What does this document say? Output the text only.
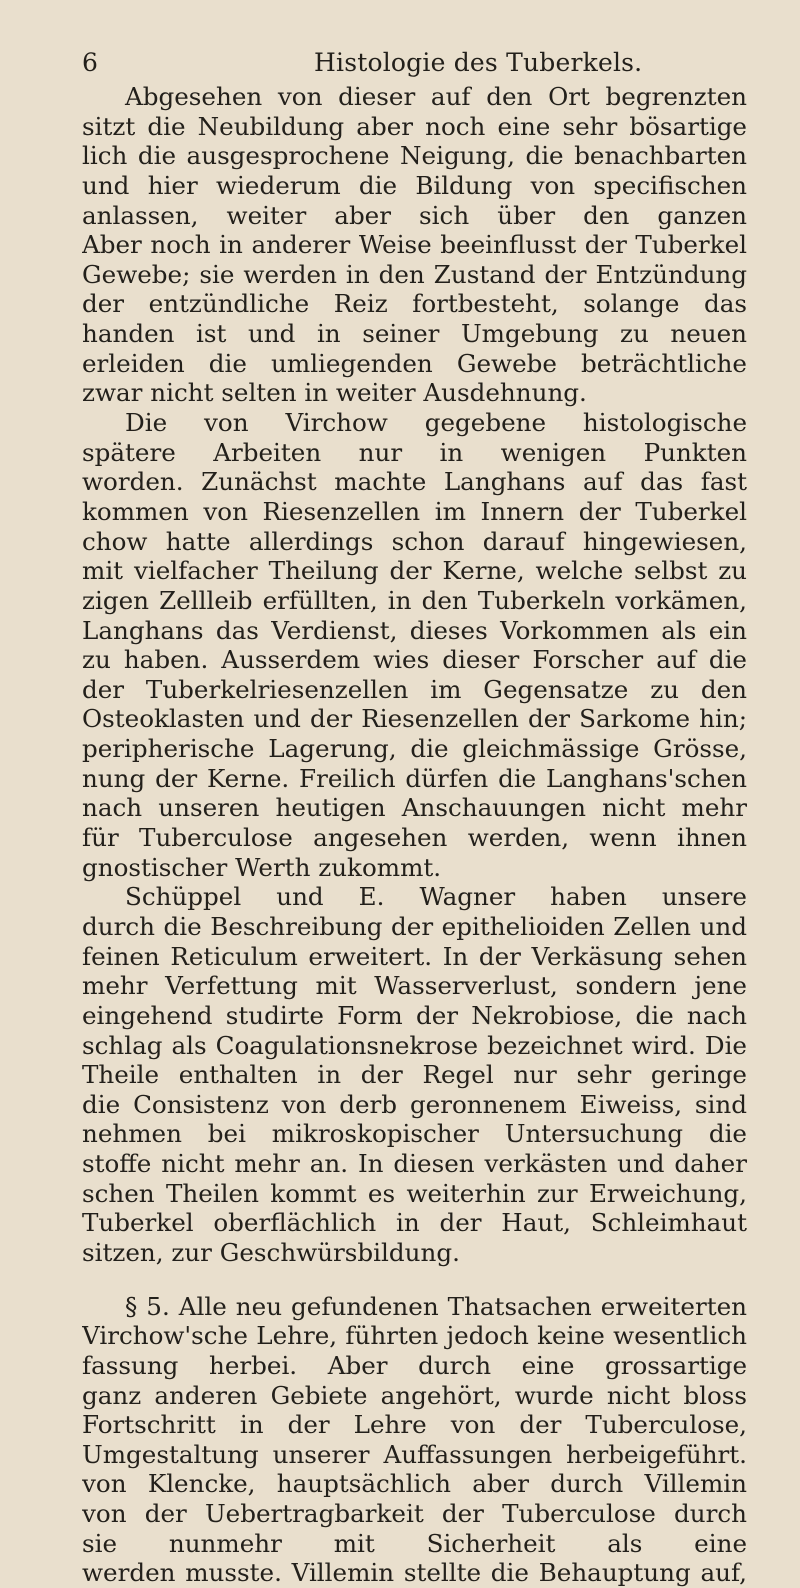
6	Histologie des Tuberkels.
Abgesehen von dieser auf den Ort begrenzten
sitzt die Neubildung aber noch eine sehr bösartige
lich die ausgesprochene Neigung, die benachbarten
und hier wiederum die Bildung von specifischen
anlassen, weiter aber sich über den ganzen
Aber noch in anderer Weise beeinflusst der Tuberkel
Gewebe; sie werden in den Zustand der Entzündung
der entzündliche Reiz fortbesteht, solange das
handen ist und in seiner Umgebung zu neuen
erleiden die umliegenden Gewebe beträchtliche
zwar nicht selten in weiter Ausdehnung.
Die von Virchow gegebene histologische
spätere Arbeiten nur in wenigen Punkten
worden. Zunächst machte Langhans auf das fast
kommen von Riesenzellen im Innern der Tuberkel
chow hatte allerdings schon darauf hingewiesen,
mit vielfacher Theilung der Kerne, welche selbst zu
zigen Zellleib erfüllten, in den Tuberkeln vorkämen,
Langhans das Verdienst, dieses Vorkommen als ein
zu haben. Ausserdem wies dieser Forscher auf die
der Tuberkelriesenzellen im Gegensatze zu den
Osteoklasten und der Riesenzellen der Sarkome hin;
peripherische Lagerung, die gleichmässige Grösse,
nung der Kerne. Freilich dürfen die Langhans'schen
nach unseren heutigen Anschauungen nicht mehr
für Tuberculose angesehen werden, wenn ihnen
gnostischer Werth zukommt.
Schüppel und E. Wagner haben unsere
durch die Beschreibung der epithelioiden Zellen und
feinen Reticulum erweitert. In der Verkäsung sehen
mehr Verfettung mit Wasserverlust, sondern jene
eingehend studirte Form der Nekrobiose, die nach
schlag als Coagulationsnekrose bezeichnet wird. Die
Theile enthalten in der Regel nur sehr geringe
die Consistenz von derb geronnenem Eiweiss, sind
nehmen bei mikroskopischer Untersuchung die
stoffe nicht mehr an. In diesen verkästen und daher
schen Theilen kommt es weiterhin zur Erweichung,
Tuberkel oberflächlich in der Haut, Schleimhaut
sitzen, zur Geschwürsbildung.
§ 5. Alle neu gefundenen Thatsachen erweiterten
Virchow'sche Lehre, führten jedoch keine wesentlich
fassung herbei. Aber durch eine grossartige
ganz anderen Gebiete angehört, wurde nicht bloss
Fortschritt in der Lehre von der Tuberculose,
Umgestaltung unserer Auffassungen herbeigeführt.
von Klencke, hauptsächlich aber durch Villemin
von der Uebertragbarkeit der Tuberculose durch
sie nunmehr mit Sicherheit als eine
werden musste. Villemin stellte die Behauptung auf,
